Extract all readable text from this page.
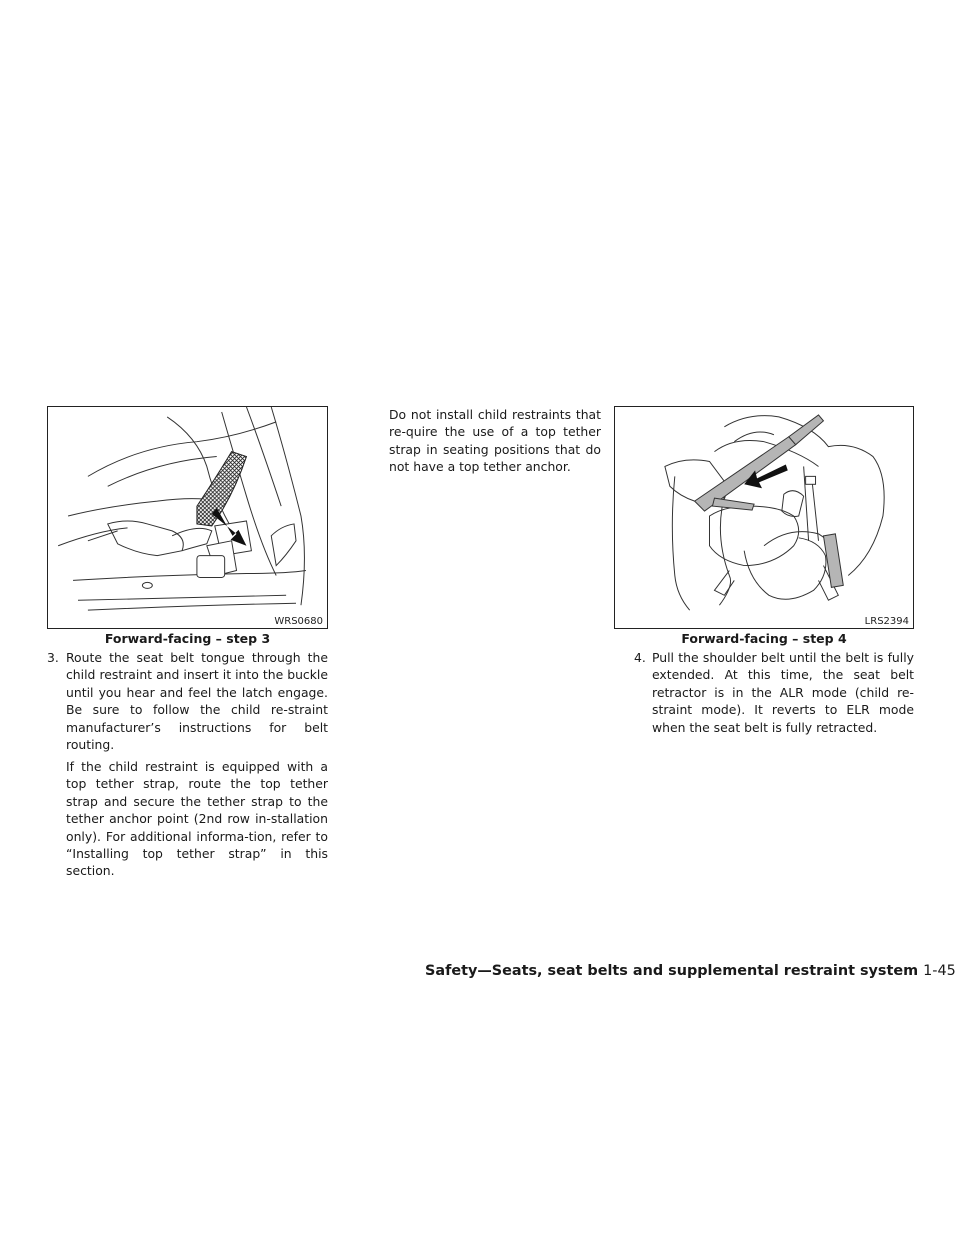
WRS0680
Forward-facing – step 3
3. Route the seat belt tongue through the child restraint and insert it into the buckle until you hear and feel the latch engage. Be sure to follow the child re-straint manufacturer’s instructions for belt routing.

If the child restraint is equipped with a top tether strap, route the top tether strap and secure the tether strap to the tether anchor point (2nd row in-stallation only). For additional informa-tion, refer to “Installing top tether strap” in this section.

Do not install child restraints that re-quire the use of a top tether strap in seating positions that do not have a top tether anchor.

LRS2394
Forward-facing – step 4
4. Pull the shoulder belt until the belt is fully extended. At this time, the seat belt retractor is in the ALR mode (child re-straint mode). It reverts to ELR mode when the seat belt is fully retracted.

Safety—Seats, seat belts and supplemental restraint system 1-45
